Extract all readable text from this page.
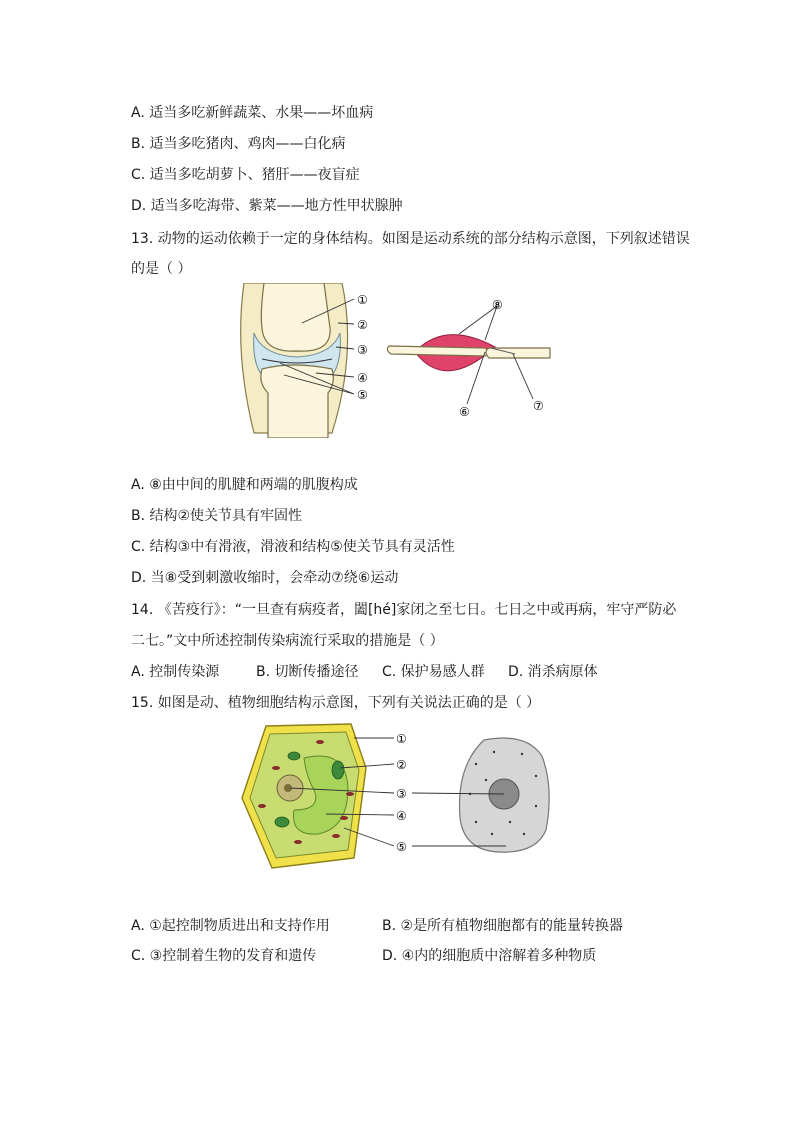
A. 适当多吃新鲜蔬菜、水果——坏血病
B. 适当多吃猪肉、鸡肉——白化病
C. 适当多吃胡萝卜、猪肝——夜盲症
D. 适当多吃海带、紫菜——地方性甲状腺肿
13. 动物的运动依赖于一定的身体结构。如图是运动系统的部分结构示意图，下列叙述错误
的是（ ）
①
②
③
④
⑤
⑧
⑥	⑦
A. ⑧由中间的肌腱和两端的肌腹构成
B. 结构②使关节具有牢固性
C. 结构③中有滑液，滑液和结构⑤使关节具有灵活性
D. 当⑧受到刺激收缩时，会牵动⑦绕⑥运动
14. 《苦疫行》：“一旦查有病疫者，闔[hé]家闭之至七日。七日之中或再病，牢守严防必
二七。”文中所述控制传染病流行采取的措施是（ ）
A. 控制传染源	B. 切断传播途径 C. 保护易感人群 D. 消杀病原体
15. 如图是动、植物细胞结构示意图，下列有关说法正确的是（ ）
①
②
③
④
⑤
A. ①起控制物质进出和支持作用	B. ②是所有植物细胞都有的能量转换器
C. ③控制着生物的发育和遗传	D. ④内的细胞质中溶解着多种物质
